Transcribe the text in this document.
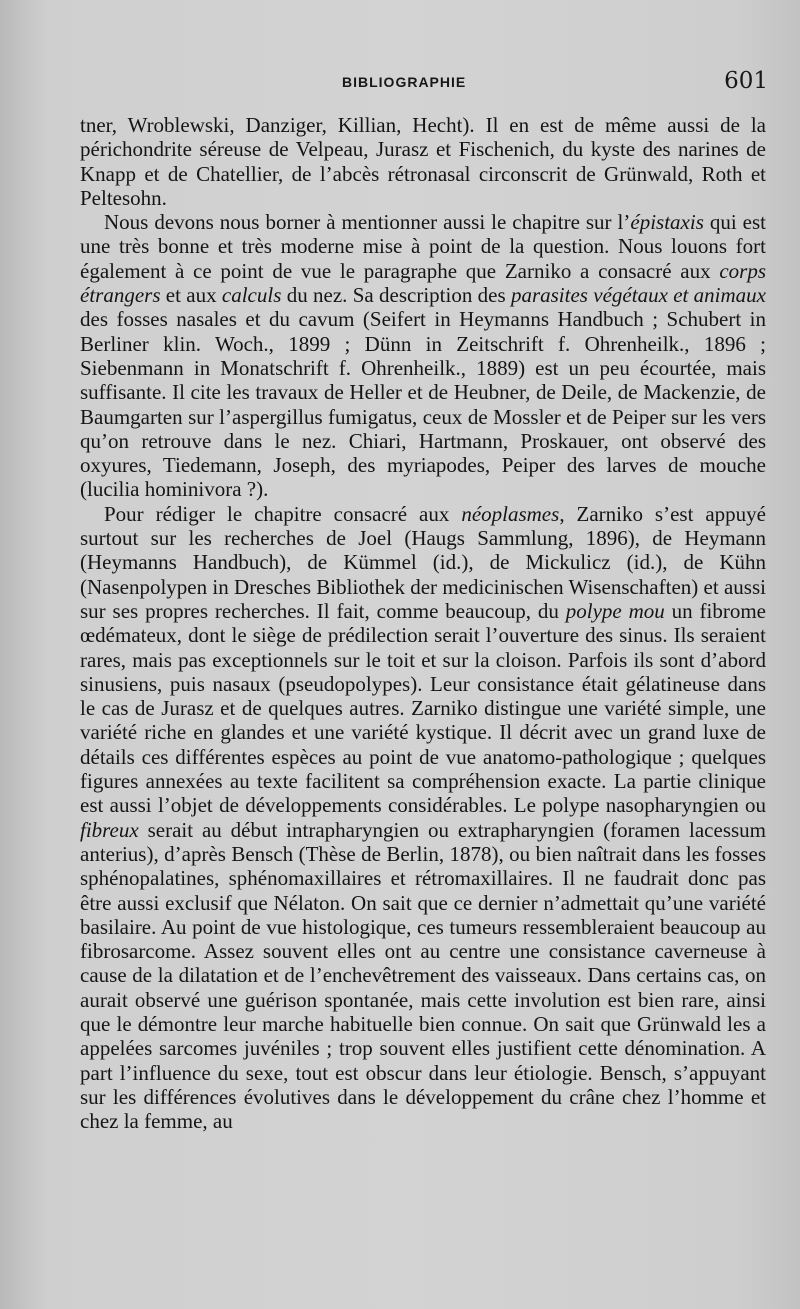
BIBLIOGRAPHIE	601

tner, Wroblewski, Danziger, Killian, Hecht). Il en est de même aussi de la périchondrite séreuse de Velpeau, Jurasz et Fischenich, du kyste des narines de Knapp et de Chatellier, de l’abcès rétronasal circonscrit de Grünwald, Roth et Peltesohn.

Nous devons nous borner à mentionner aussi le chapitre sur l’épistaxis qui est une très bonne et très moderne mise à point de la question. Nous louons fort également à ce point de vue le paragraphe que Zarniko a consacré aux corps étrangers et aux calculs du nez. Sa description des parasites végétaux et animaux des fosses nasales et du cavum (Seifert in Heymanns Handbuch ; Schubert in Berliner klin. Woch., 1899 ; Dünn in Zeitschrift f. Ohrenheilk., 1896 ; Siebenmann in Monatschrift f. Ohrenheilk., 1889) est un peu écourtée, mais suffisante. Il cite les travaux de Heller et de Heubner, de Deile, de Mackenzie, de Baumgarten sur l’aspergillus fumigatus, ceux de Mossler et de Peiper sur les vers qu’on retrouve dans le nez. Chiari, Hartmann, Proskauer, ont observé des oxyures, Tiedemann, Joseph, des myriapodes, Peiper des larves de mouche (lucilia hominivora ?).

Pour rédiger le chapitre consacré aux néoplasmes, Zarniko s’est appuyé surtout sur les recherches de Joel (Haugs Sammlung, 1896), de Heymann (Heymanns Handbuch), de Kümmel (id.), de Mickulicz (id.), de Kühn (Nasenpolypen in Dresches Bibliothek der medicinischen Wisenschaften) et aussi sur ses propres recherches. Il fait, comme beaucoup, du polype mou un fibrome œdémateux, dont le siège de prédilection serait l’ouverture des sinus. Ils seraient rares, mais pas exceptionnels sur le toit et sur la cloison. Parfois ils sont d’abord sinusiens, puis nasaux (pseudopolypes). Leur consistance était gélatineuse dans le cas de Jurasz et de quelques autres. Zarniko distingue une variété simple, une variété riche en glandes et une variété kystique. Il décrit avec un grand luxe de détails ces différentes espèces au point de vue anatomo-pathologique ; quelques figures annexées au texte facilitent sa compréhension exacte. La partie clinique est aussi l’objet de développements considérables. Le polype nasopharyngien ou fibreux serait au début intrapharyngien ou extrapharyngien (foramen lacessum anterius), d’après Bensch (Thèse de Berlin, 1878), ou bien naîtrait dans les fosses sphénopalatines, sphénomaxillaires et rétromaxillaires. Il ne faudrait donc pas être aussi exclusif que Nélaton. On sait que ce dernier n’admettait qu’une variété basilaire. Au point de vue histologique, ces tumeurs ressembleraient beaucoup au fibrosarcome. Assez souvent elles ont au centre une consistance caverneuse à cause de la dilatation et de l’enchevêtrement des vaisseaux. Dans certains cas, on aurait observé une guérison spontanée, mais cette involution est bien rare, ainsi que le démontre leur marche habituelle bien connue. On sait que Grünwald les a appelées sarcomes juvéniles ; trop souvent elles justifient cette dénomination. A part l’influence du sexe, tout est obscur dans leur étiologie. Bensch, s’appuyant sur les différences évolutives dans le développement du crâne chez l’homme et chez la femme, au
